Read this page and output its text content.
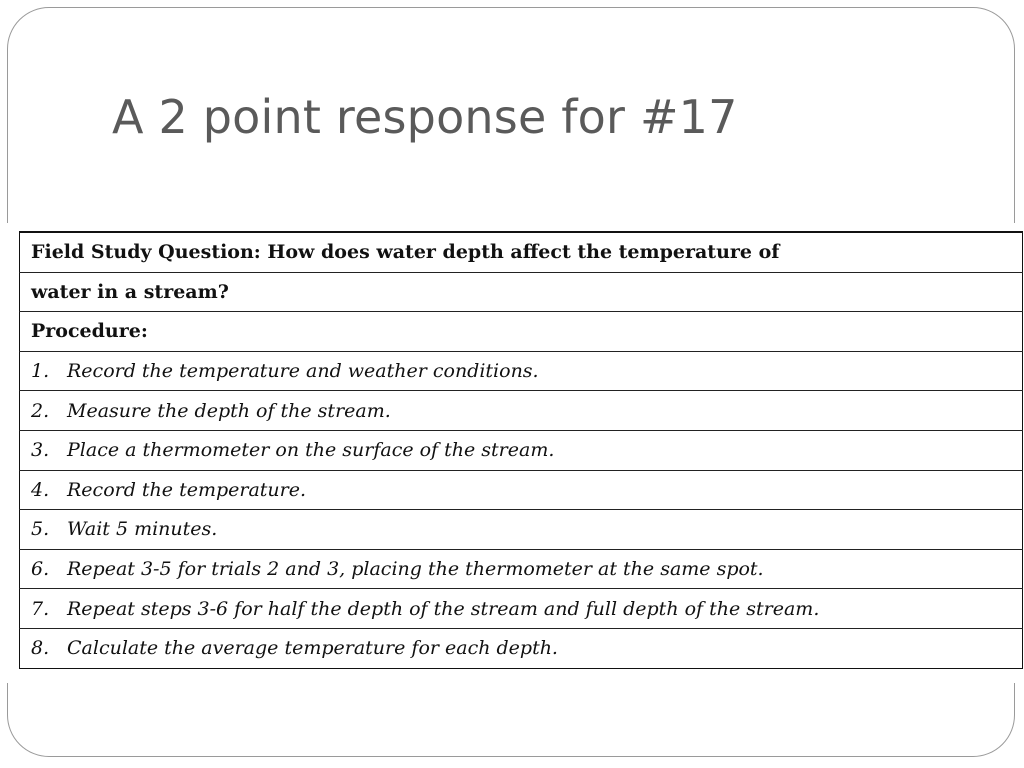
A 2 point response for #17
Field Study Question: How does water depth affect the temperature of
water in a stream?
Procedure:
1. Record the temperature and weather conditions.
2. Measure the depth of the stream.
3. Place a thermometer on the surface of the stream.
4. Record the temperature.
5. Wait 5 minutes.
6. Repeat 3-5 for trials 2 and 3, placing the thermometer at the same spot.
7. Repeat steps 3-6 for half the depth of the stream and full depth of the stream.
8. Calculate the average temperature for each depth.
